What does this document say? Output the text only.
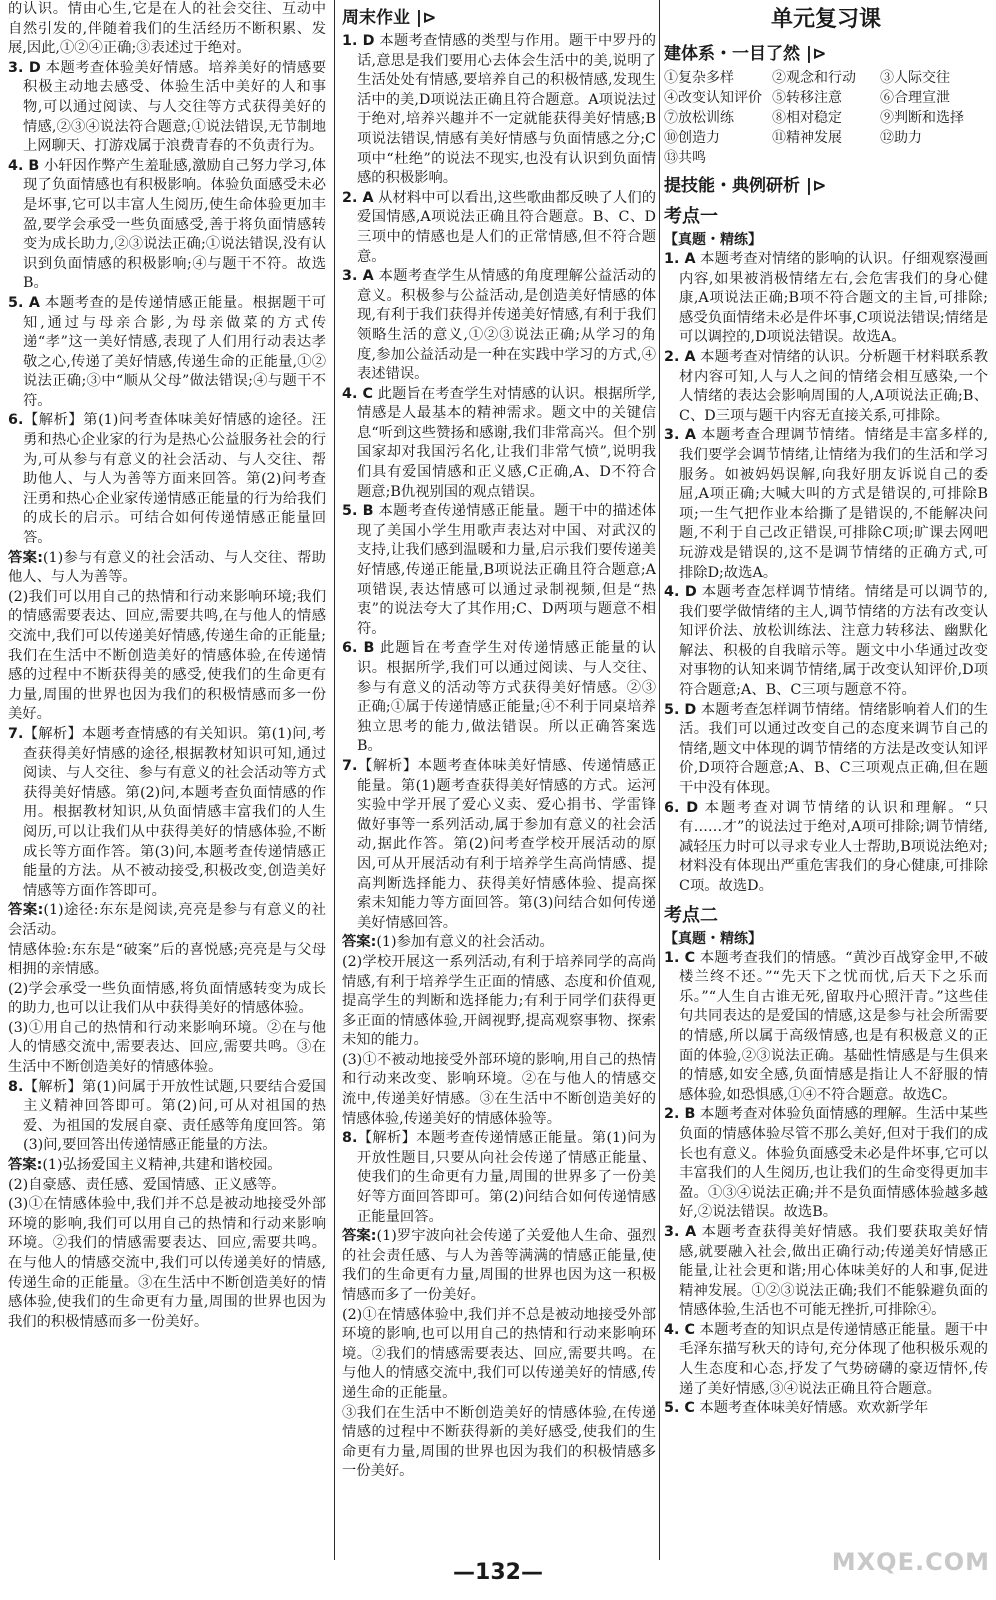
的认识。情由心生,它是在人的社会交往、互动中自然引发的,伴随着我们的生活经历不断积累、发展,因此,①②④正确;③表述过于绝对。

3. D 本题考查体验美好情感。培养美好的情感要积极主动地去感受、体验生活中美好的人和事物,可以通过阅读、与人交往等方式获得美好的情感,②③④说法符合题意;①说法错误,无节制地上网聊天、打游戏属于浪费青春的不负责行为。

4. B 小轩因作弊产生羞耻感,激励自己努力学习,体现了负面情感也有积极影响。体验负面感受未必是坏事,它可以丰富人生阅历,使生命体验更加丰盈,要学会承受一些负面感受,善于将负面情感转变为成长助力,②③说法正确;①说法错误,没有认识到负面情感的积极影响;④与题干不符。故选B。

5. A 本题考查的是传递情感正能量。根据题干可知,通过与母亲合影,为母亲做菜的方式传递“孝”这一美好情感,表现了人们用行动表达孝敬之心,传递了美好情感,传递生命的正能量,①②说法正确;③中“顺从父母”做法错误;④与题干不符。

6.【解析】第(1)问考查体味美好情感的途径。汪勇和热心企业家的行为是热心公益服务社会的行为,可从参与有意义的社会活动、与人交往、帮助他人、与人为善等方面来回答。第(2)问考查汪勇和热心企业家传递情感正能量的行为给我们的成长的启示。可结合如何传递情感正能量回答。

答案:(1)参与有意义的社会活动、与人交往、帮助他人、与人为善等。

(2)我们可以用自己的热情和行动来影响环境;我们的情感需要表达、回应,需要共鸣,在与他人的情感交流中,我们可以传递美好情感,传递生命的正能量;我们在生活中不断创造美好的情感体验,在传递情感的过程中不断获得美的感受,使我们的生命更有力量,周围的世界也因为我们的积极情感而多一份美好。

7.【解析】本题考查情感的有关知识。第(1)问,考查获得美好情感的途径,根据教材知识可知,通过阅读、与人交往、参与有意义的社会活动等方式获得美好情感。第(2)问,本题考查负面情感的作用。根据教材知识,从负面情感丰富我们的人生阅历,可以让我们从中获得美好的情感体验,不断成长等方面作答。第(3)问,本题考查传递情感正能量的方法。从不被动接受,积极改变,创造美好情感等方面作答即可。

答案:(1)途径:东东是阅读,亮亮是参与有意义的社会活动。

情感体验:东东是“破案”后的喜悦感;亮亮是与父母相拥的亲情感。

(2)学会承受一些负面情感,将负面情感转变为成长的助力,也可以让我们从中获得美好的情感体验。

(3)①用自己的热情和行动来影响环境。②在与他人的情感交流中,需要表达、回应,需要共鸣。③在生活中不断创造美好的情感体验。

8.【解析】第(1)问属于开放性试题,只要结合爱国主义精神回答即可。第(2)问,可从对祖国的热爱、为祖国的发展自豪、责任感等角度回答。第(3)问,要回答出传递情感正能量的方法。

答案:(1)弘扬爱国主义精神,共建和谐校园。

(2)自豪感、责任感、爱国情感、正义感等。

(3)①在情感体验中,我们并不总是被动地接受外部环境的影响,我们可以用自己的热情和行动来影响环境。②我们的情感需要表达、回应,需要共鸣。在与他人的情感交流中,我们可以传递美好的情感,传递生命的正能量。③在生活中不断创造美好的情感体验,使我们的生命更有力量,周围的世界也因为我们的积极情感而多一份美好。

周末作业 |⊳

1. D 本题考查情感的类型与作用。题干中罗丹的话,意思是我们要用心去体会生活中的美,说明了生活处处有情感,要培养自己的积极情感,发现生活中的美,D项说法正确且符合题意。A项说法过于绝对,培养兴趣并不一定就能获得美好情感;B项说法错误,情感有美好情感与负面情感之分;C项中“杜绝”的说法不现实,也没有认识到负面情感的积极影响。

2. A 从材料中可以看出,这些歌曲都反映了人们的爱国情感,A项说法正确且符合题意。B、C、D三项中的情感也是人们的正常情感,但不符合题意。

3. A 本题考查学生从情感的角度理解公益活动的意义。积极参与公益活动,是创造美好情感的体现,有利于我们获得并传递美好情感,有利于我们领略生活的意义,①②③说法正确;从学习的角度,参加公益活动是一种在实践中学习的方式,④表述错误。

4. C 此题旨在考查学生对情感的认识。根据所学,情感是人最基本的精神需求。题文中的关键信息“听到这些赞扬和感谢,我们非常高兴。但个别国家却对我国污名化,让我们非常气愤”,说明我们具有爱国情感和正义感,C正确,A、D不符合题意;B仇视别国的观点错误。

5. B 本题考查传递情感正能量。题干中的描述体现了美国小学生用歌声表达对中国、对武汉的支持,让我们感到温暖和力量,启示我们要传递美好情感,传递正能量,B项说法正确且符合题意;A项错误,表达情感可以通过录制视频,但是“热衷”的说法夸大了其作用;C、D两项与题意不相符。

6. B 此题旨在考查学生对传递情感正能量的认识。根据所学,我们可以通过阅读、与人交往、参与有意义的活动等方式获得美好情感。②③正确;①属于传递情感正能量;④不利于同桌培养独立思考的能力,做法错误。所以正确答案选B。

7.【解析】本题考查体味美好情感、传递情感正能量。第(1)题考查获得美好情感的方式。运河实验中学开展了爱心义卖、爱心捐书、学雷锋做好事等一系列活动,属于参加有意义的社会活动,据此作答。第(2)问考查学校开展活动的原因,可从开展活动有利于培养学生高尚情感、提高判断选择能力、获得美好情感体验、提高探索未知能力等方面回答。第(3)问结合如何传递美好情感回答。

答案:(1)参加有意义的社会活动。

(2)学校开展这一系列活动,有利于培养同学的高尚情感,有利于培养学生正面的情感、态度和价值观,提高学生的判断和选择能力;有利于同学们获得更多正面的情感体验,开阔视野,提高观察事物、探索未知的能力。

(3)①不被动地接受外部环境的影响,用自己的热情和行动来改变、影响环境。②在与他人的情感交流中,传递美好情感。③在生活中不断创造美好的情感体验,传递美好的情感体验等。

8.【解析】本题考查传递情感正能量。第(1)问为开放性题目,只要从向社会传递了情感正能量、使我们的生命更有力量,周围的世界多了一份美好等方面回答即可。第(2)问结合如何传递情感正能量回答。

答案:(1)罗宇波向社会传递了关爱他人生命、强烈的社会责任感、与人为善等满满的情感正能量,使我们的生命更有力量,周围的世界也因为这一积极情感而多了一份美好。

(2)①在情感体验中,我们并不总是被动地接受外部环境的影响,也可以用自己的热情和行动来影响环境。②我们的情感需要表达、回应,需要共鸣。在与他人的情感交流中,我们可以传递美好的情感,传递生命的正能量。

③我们在生活中不断创造美好的情感体验,在传递情感的过程中不断获得新的美好感受,使我们的生命更有力量,周围的世界也因为我们的积极情感多一份美好。

单元复习课
建体系・一目了然 |⊳
①复杂多样	②观念和行动	③人际交往
④改变认知评价 ⑤转移注意	⑥合理宣泄
⑦放松训练	⑧相对稳定	⑨判断和选择
⑩创造力	⑪精神发展	⑫助力
⑬共鸣
提技能・典例研析 |⊳
考点一
【真题・精练】

1. A 本题考查对情绪的影响的认识。仔细观察漫画内容,如果被消极情绪左右,会危害我们的身心健康,A项说法正确;B项不符合题文的主旨,可排除;感受负面情绪未必是件坏事,C项说法错误;情绪是可以调控的,D项说法错误。故选A。

2. A 本题考查对情绪的认识。分析题干材料联系教材内容可知,人与人之间的情绪会相互感染,一个人情绪的表达会影响周围的人,A项说法正确;B、C、D三项与题干内容无直接关系,可排除。

3. A 本题考查合理调节情绪。情绪是丰富多样的,我们要学会调节情绪,让情绪为我们的生活和学习服务。如被妈妈误解,向我好朋友诉说自己的委屈,A项正确;大喊大叫的方式是错误的,可排除B项;一生气把作业本给撕了是错误的,不能解决问题,不利于自己改正错误,可排除C项;旷课去网吧玩游戏是错误的,这不是调节情绪的正确方式,可排除D;故选A。

4. D 本题考查怎样调节情绪。情绪是可以调节的,我们要学做情绪的主人,调节情绪的方法有改变认知评价法、放松训练法、注意力转移法、幽默化解法、积极的自我暗示等。题文中小华通过改变对事物的认知来调节情绪,属于改变认知评价,D项符合题意;A、B、C三项与题意不符。

5. D 本题考查怎样调节情绪。情绪影响着人们的生活。我们可以通过改变自己的态度来调节自己的情绪,题文中体现的调节情绪的方法是改变认知评价,D项符合题意;A、B、C三项观点正确,但在题干中没有体现。

6. D 本题考查对调节情绪的认识和理解。“只有……才”的说法过于绝对,A项可排除;调节情绪,减轻压力时可以寻求专业人士帮助,B项说法绝对;材料没有体现出严重危害我们的身心健康,可排除C项。故选D。

考点二
【真题・精练】

1. C 本题考查我们的情感。“黄沙百战穿金甲,不破楼兰终不还。”“先天下之忧而忧,后天下之乐而乐。”“人生自古谁无死,留取丹心照汗青。”这些佳句共同表达的是爱国的情感,这是参与社会所需要的情感,所以属于高级情感,也是有积极意义的正面的体验,②③说法正确。基础性情感是与生俱来的情感,如安全感,负面情感是指让人不舒服的情感体验,如恐惧感,①④不符合题意。故选C。

2. B 本题考查对体验负面情感的理解。生活中某些负面的情感体验尽管不那么美好,但对于我们的成长也有意义。体验负面感受未必是件坏事,它可以丰富我们的人生阅历,也让我们的生命变得更加丰盈。①③④说法正确;并不是负面情感体验越多越好,②说法错误。故选B。

3. A 本题考查获得美好情感。我们要获取美好情感,就要融入社会,做出正确行动;传递美好情感正能量,让社会更和谐;用心体味美好的人和事,促进精神发展。①②③说法正确;我们不能躲避负面的情感体验,生活也不可能无挫折,可排除④。

4. C 本题考查的知识点是传递情感正能量。题干中毛泽东描写秋天的诗句,充分体现了他积极乐观的人生态度和心态,抒发了气势磅礴的豪迈情怀,传递了美好情感,③④说法正确且符合题意。

5. C 本题考查体味美好情感。欢欢新学年

—132—	MXQE.COM
